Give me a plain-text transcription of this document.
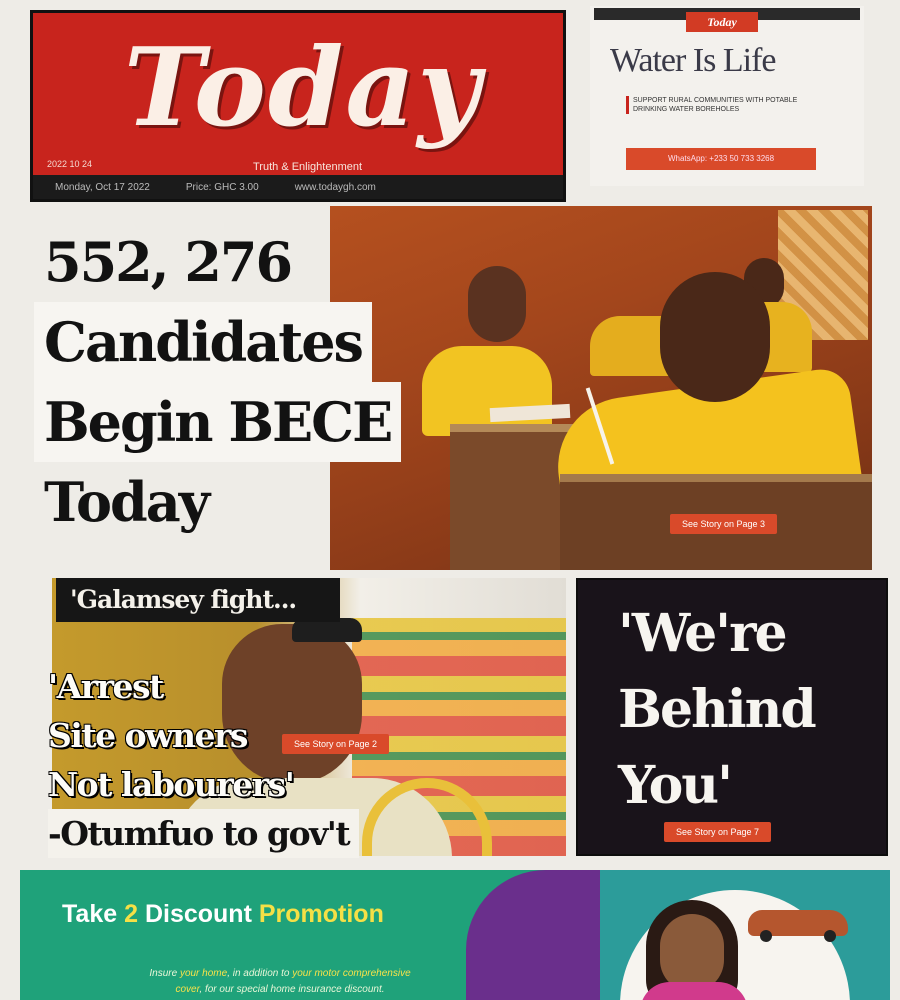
Today
2022 10 24	Truth & Enlightenment
Monday, Oct 17 2022	Price: GHC 3.00	www.todaygh.com
Today
Water Is Life
SUPPORT RURAL COMMUNITIES WITH POTABLE DRINKING WATER BOREHOLES
WhatsApp: +233 50 733 3268
See Story on Page 3
552, 276
Candidates
Begin BECE
Today
'Galamsey fight...
See Story on Page 2
'Arrest
Site owners
Not labourers'
-Otumfuo to gov't
'We're
Behind
You'
See Story on Page 7
Take 2 Discount Promotion
Insure your home, in addition to your motor comprehensive
cover, for our special home insurance discount.
